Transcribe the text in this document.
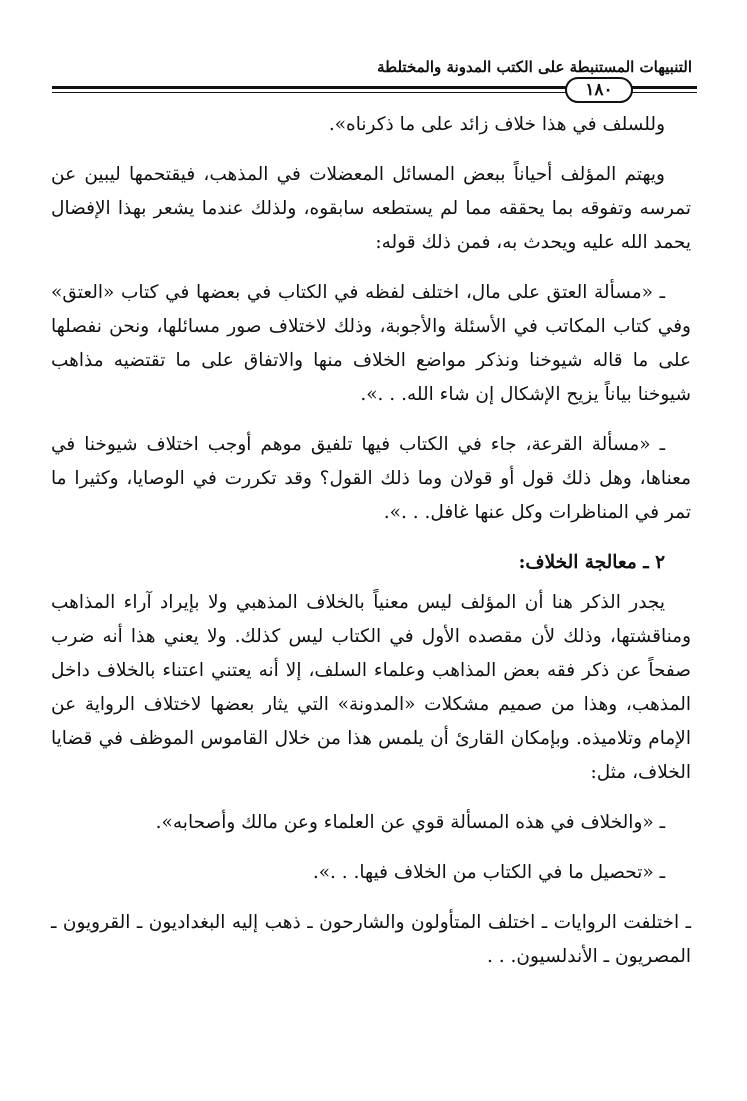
التنبيهات المستنبطة على الكتب المدونة والمختلطة
١٨٠

وللسلف في هذا خلاف زائد على ما ذكرناه».

ويهتم المؤلف أحياناً ببعض المسائل المعضلات في المذهب، فيقتحمها ليبين عن تمرسه وتفوقه بما يحققه مما لم يستطعه سابقوه، ولذلك عندما يشعر بهذا الإفضال يحمد الله عليه ويحدث به، فمن ذلك قوله:

ـ «مسألة العتق على مال، اختلف لفظه في الكتاب في بعضها في كتاب «العتق» وفي كتاب المكاتب في الأسئلة والأجوبة، وذلك لاختلاف صور مسائلها، ونحن نفصلها على ما قاله شيوخنا ونذكر مواضع الخلاف منها والاتفاق على ما تقتضيه مذاهب شيوخنا بياناً يزيح الإشكال إن شاء الله. . .».

ـ «مسألة القرعة، جاء في الكتاب فيها تلفيق موهم أوجب اختلاف شيوخنا في معناها، وهل ذلك قول أو قولان وما ذلك القول؟ وقد تكررت في الوصايا، وكثيرا ما تمر في المناظرات وكل عنها غافل. . .».

٢ ـ معالجة الخلاف:

يجدر الذكر هنا أن المؤلف ليس معنياً بالخلاف المذهبي ولا بإيراد آراء المذاهب ومناقشتها، وذلك لأن مقصده الأول في الكتاب ليس كذلك. ولا يعني هذا أنه ضرب صفحاً عن ذكر فقه بعض المذاهب وعلماء السلف، إلا أنه يعتني اعتناء بالخلاف داخل المذهب، وهذا من صميم مشكلات «المدونة» التي يثار بعضها لاختلاف الرواية عن الإمام وتلاميذه. وبإمكان القارئ أن يلمس هذا من خلال القاموس الموظف في قضايا الخلاف، مثل:

ـ «والخلاف في هذه المسألة قوي عن العلماء وعن مالك وأصحابه».

ـ «تحصيل ما في الكتاب من الخلاف فيها. . .».

ـ اختلفت الروايات ـ اختلف المتأولون والشارحون ـ ذهب إليه البغداديون ـ القرويون ـ المصريون ـ الأندلسيون. . .
